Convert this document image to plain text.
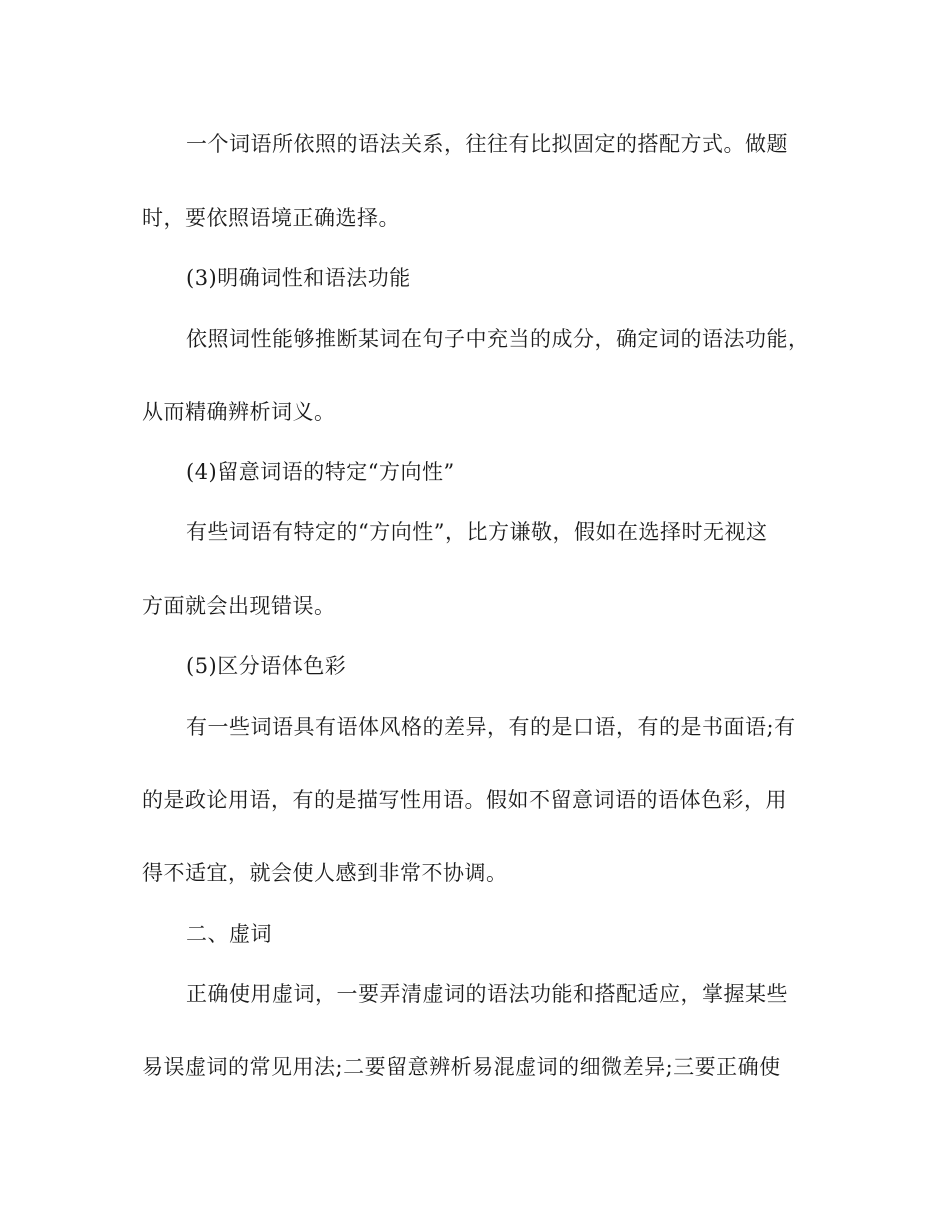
一个词语所依照的语法关系，往往有比拟固定的搭配方式。做题
时，要依照语境正确选择。
(3)明确词性和语法功能
依照词性能够推断某词在句子中充当的成分，确定词的语法功能，
从而精确辨析词义。
(4)留意词语的特定“方向性”
有些词语有特定的“方向性”，比方谦敬，假如在选择时无视这
方面就会出现错误。
(5)区分语体色彩
有一些词语具有语体风格的差异，有的是口语，有的是书面语;有
的是政论用语，有的是描写性用语。假如不留意词语的语体色彩，用
得不适宜，就会使人感到非常不协调。
二、虚词
正确使用虚词，一要弄清虚词的语法功能和搭配适应，掌握某些
易误虚词的常见用法;二要留意辨析易混虚词的细微差异;三要正确使
